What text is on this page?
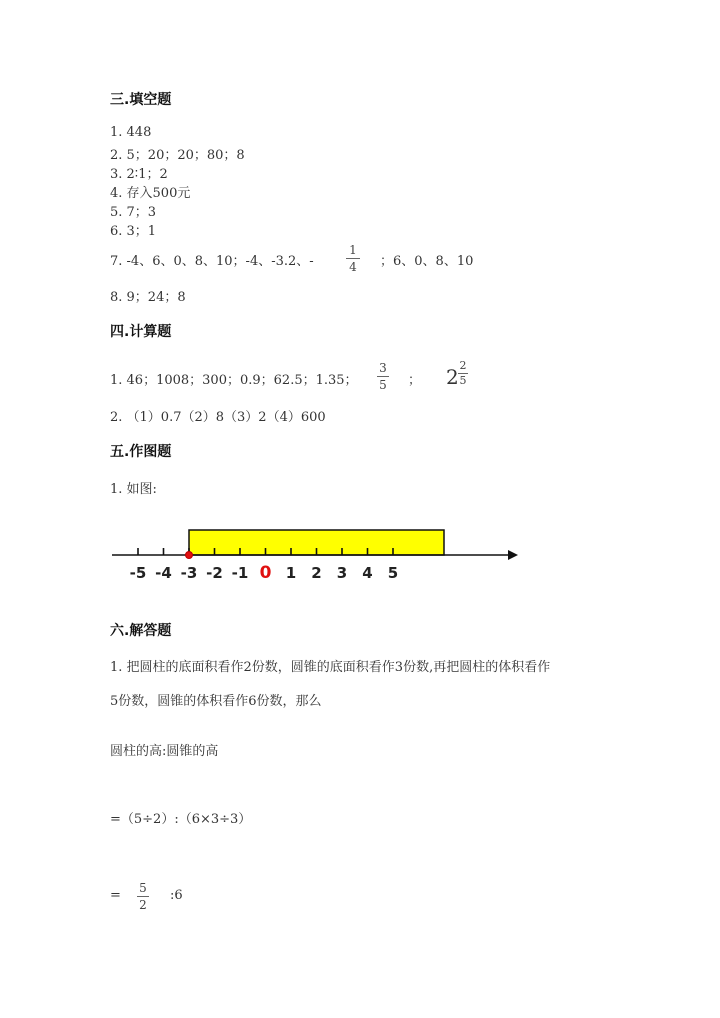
三.填空题
1. 448
2. 5；20；20；80；8
3. 2∶1；2
4. 存入500元
5. 7；3
6. 3；1
7. -4、6、0、8、10；-4、-3.2、-
1
4 ；6、0、8、10
8. 9；24；8
四.计算题
1. 46；1008；300；0.9；62.5；1.35；
3
5 ； 2 2
5
2. （1）0.7（2）8（3）2（4）600
五.作图题
1. 如图:
-5 -4 -3 -2 -1 0 1 2 3 4 5
六.解答题
1. 把圆柱的底面积看作2份数，圆锥的底面积看作3份数,再把圆柱的体积看作
5份数，圆锥的体积看作6份数，那么
圆柱的高:圆锥的高
=（5÷2）:（6×3÷3）
= 5
2
:6
